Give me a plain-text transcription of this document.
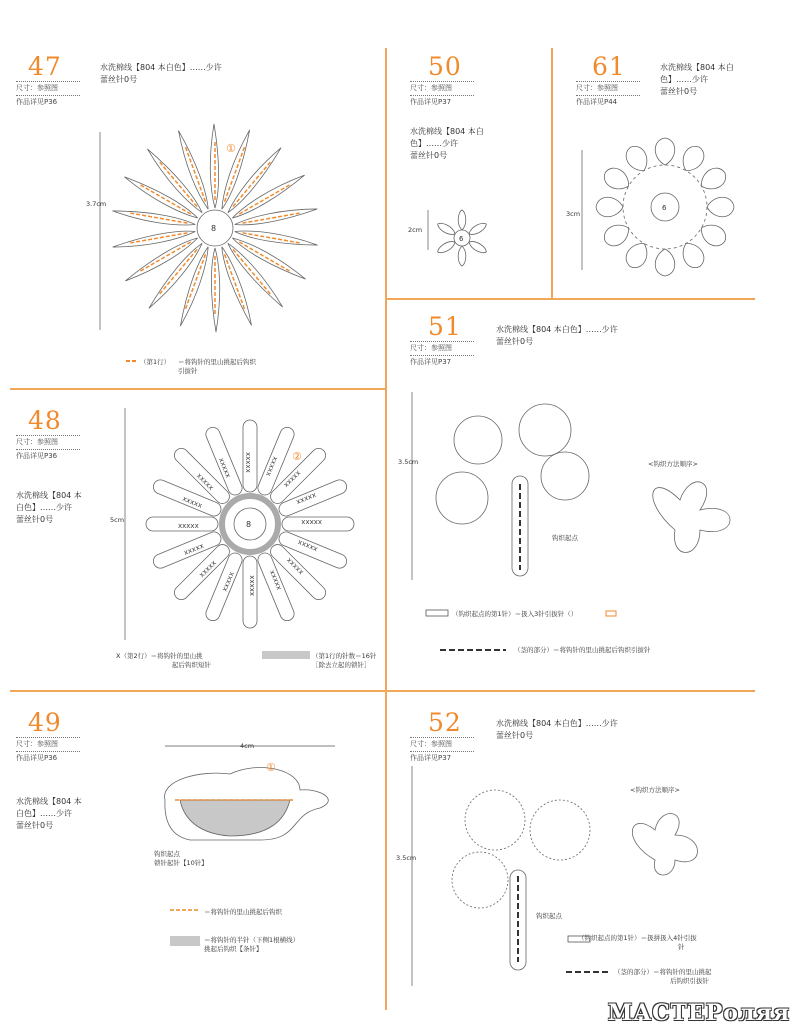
47
尺寸：参照图
作品详见P36
水洗棉线【804 本白色】……少许
蕾丝针0号
3.7cm
（第1行） ＝将钩针的里山挑起后钩织
引拔针
50
尺寸：参照图
作品详见P37
水洗棉线【804 本白
色】……少许
蕾丝针0号
2cm
61
尺寸：参照图
作品详见P44
水洗棉线【804 本白
色】……少许
蕾丝针0号
3cm
51
尺寸：参照图
作品详见P37
水洗棉线【804 本白色】……少许
蕾丝针0号
3.5cm	<钩织方法顺序>
钩织起点
（钩织起点的第1针）＝扱入3针引拔针（）
（茎的部分）＝将钩针的里山挑起后钩织引拔针
48
尺寸：参照图
作品详见P36
水洗棉线【804 本
白色】……少许
蕾丝针0号	5cm
X（第2行）＝将钩针的里山挑
起后钩织短针
（第1行的针数＝16针
［除去立起的锁针］
49
尺寸：参照图
作品详见P36
水洗棉线【804 本
白色】……少许
蕾丝针0号
4cm
钩织起点
锁针起针【10针】
＝将钩针的里山挑起后钩织
＝将钩针的半针（下侧1根横线）
挑起后钩织【条针】
52
尺寸：参照图
作品详见P37
水洗棉线【804 本白色】……少许
蕾丝针0号
3.5cm
<钩织方法顺序>
钩织起点
（钩织起点的第1针）＝扱拼扱入4针引拔
针
（茎的部分）＝将钩针的里山挑起
后钩织引拔针
8
①
6
6
xxxxx
8
②
①
МАСТЕРоляя
